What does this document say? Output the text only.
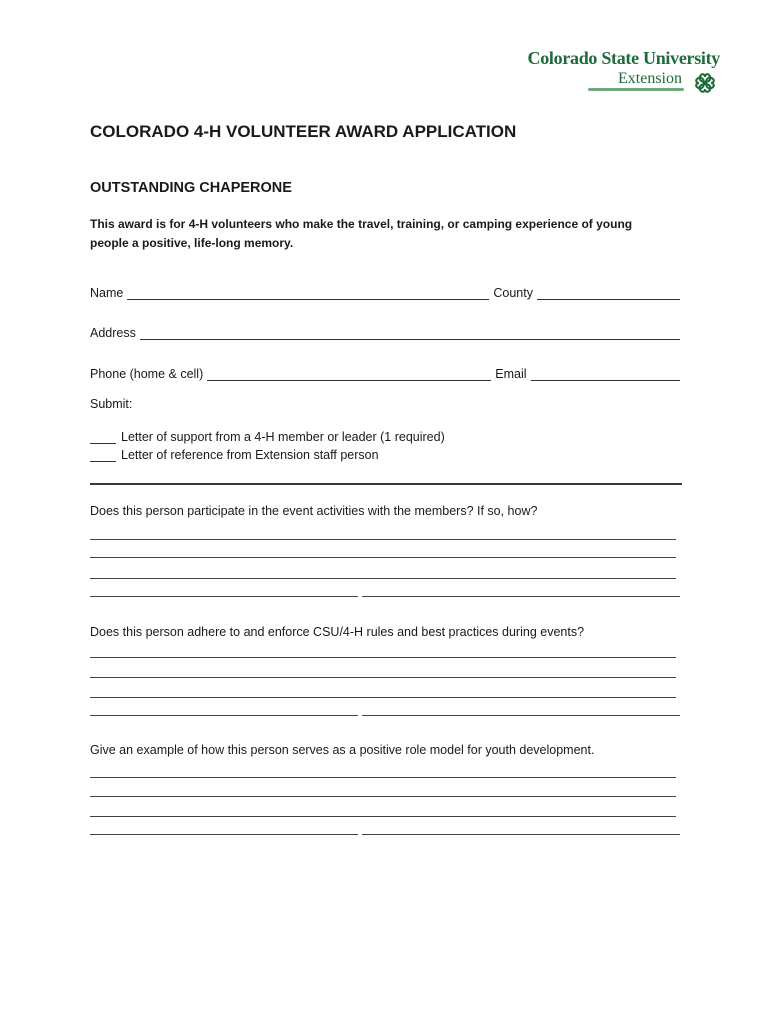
Colorado State University
Extension
COLORADO 4-H VOLUNTEER AWARD APPLICATION
OUTSTANDING CHAPERONE

This award is for 4-H volunteers who make the travel, training, or camping experience of young people a positive, life-long memory.

Name	County
Address
Phone (home & cell)	Email
Submit:
Letter of support from a 4-H member or leader (1 required)
Letter of reference from Extension staff person
Does this person participate in the event activities with the members? If so, how?
Does this person adhere to and enforce CSU/4-H rules and best practices during events?
Give an example of how this person serves as a positive role model for youth development.
